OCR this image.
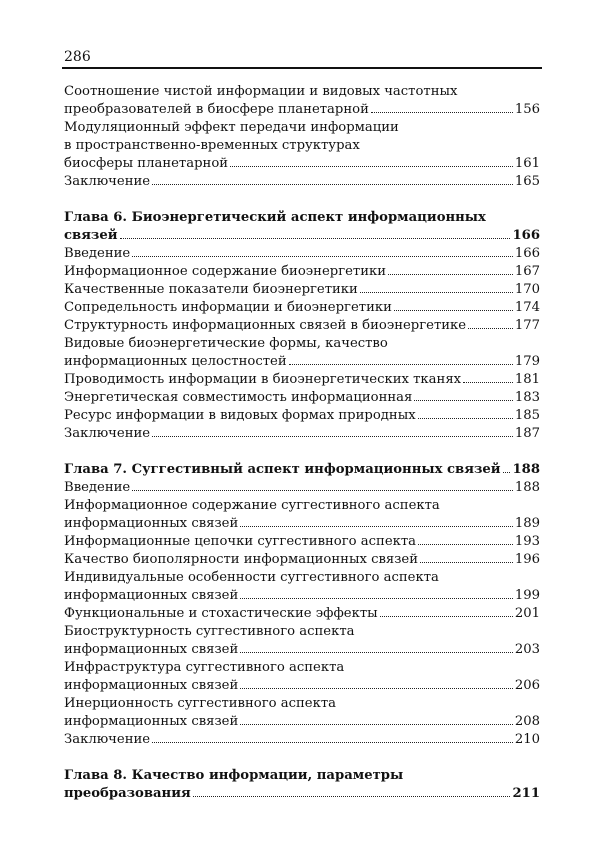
286
Соотношение чистой информации и видовых частотных
преобразователей в биосфере планетарной	156
Модуляционный эффект передачи информации
в пространственно-временных структурах
биосферы планетарной	161
Заключение	165
Глава 6. Биоэнергетический аспект информационных
связей	166
Введение	166
Информационное содержание биоэнергетики	167
Качественные показатели биоэнергетики	170
Сопредельность информации и биоэнергетики	174
Структурность информационных связей в биоэнергетике	177
Видовые биоэнергетические формы, качество
информационных целостностей	179
Проводимость информации в биоэнергетических тканях	181
Энергетическая совместимость информационная	183
Ресурс информации в видовых формах природных	185
Заключение	187
Глава 7. Суггестивный аспект информационных связей 188
Введение	188
Информационное содержание суггестивного аспекта
информационных связей	189
Информационные цепочки суггестивного аспекта	193
Качество биополярности информационных связей	196
Индивидуальные особенности суггестивного аспекта
информационных связей	199
Функциональные и стохастические эффекты	201
Биоструктурность суггестивного аспекта
информационных связей	203
Инфраструктура суггестивного аспекта
информационных связей	206
Инерционность суггестивного аспекта
информационных связей	208
Заключение	210
Глава 8. Качество информации, параметры
преобразования	211
